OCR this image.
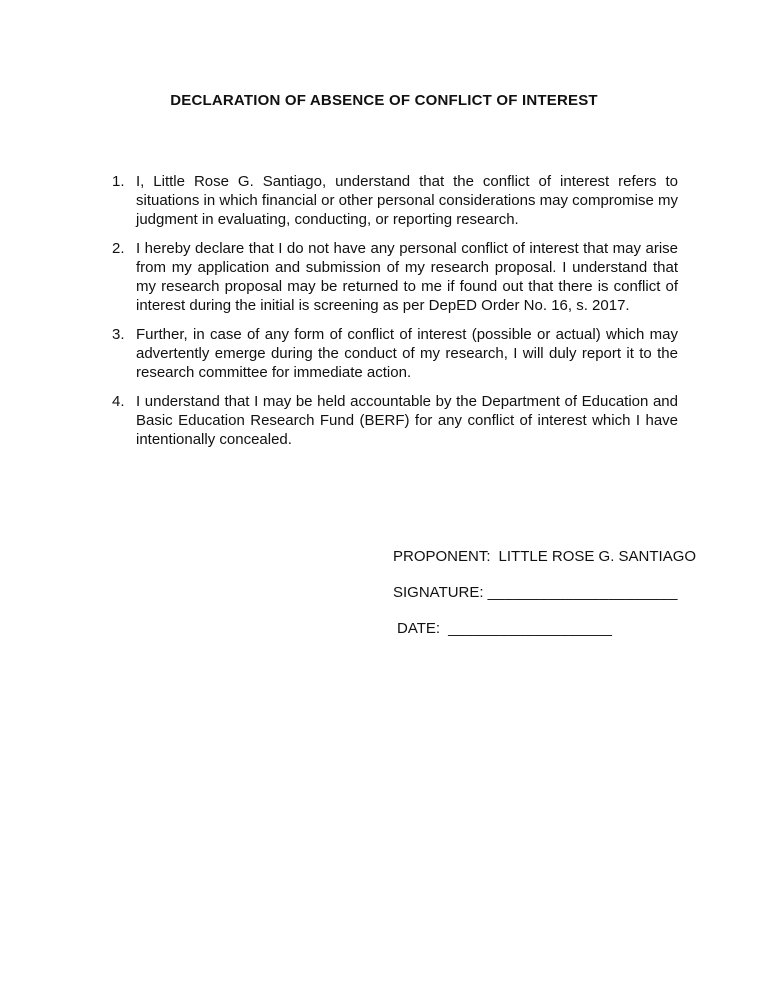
DECLARATION OF ABSENCE OF CONFLICT OF INTEREST
1. I, Little Rose G. Santiago, understand that the conflict of interest refers to situations in which financial or other personal considerations may compromise my judgment in evaluating, conducting, or reporting research.
2. I hereby declare that I do not have any personal conflict of interest that may arise from my application and submission of my research proposal. I understand that my research proposal may be returned to me if found out that there is conflict of interest during the initial is screening as per DepED Order No. 16, s. 2017.
3. Further, in case of any form of conflict of interest (possible or actual) which may advertently emerge during the conduct of my research, I will duly report it to the research committee for immediate action.
4. I understand that I may be held accountable by the Department of Education and Basic Education Research Fund (BERF) for any conflict of interest which I have intentionally concealed.
PROPONENT: LITTLE ROSE G. SANTIAGO
SIGNATURE: ______________________
DATE: ___________________
